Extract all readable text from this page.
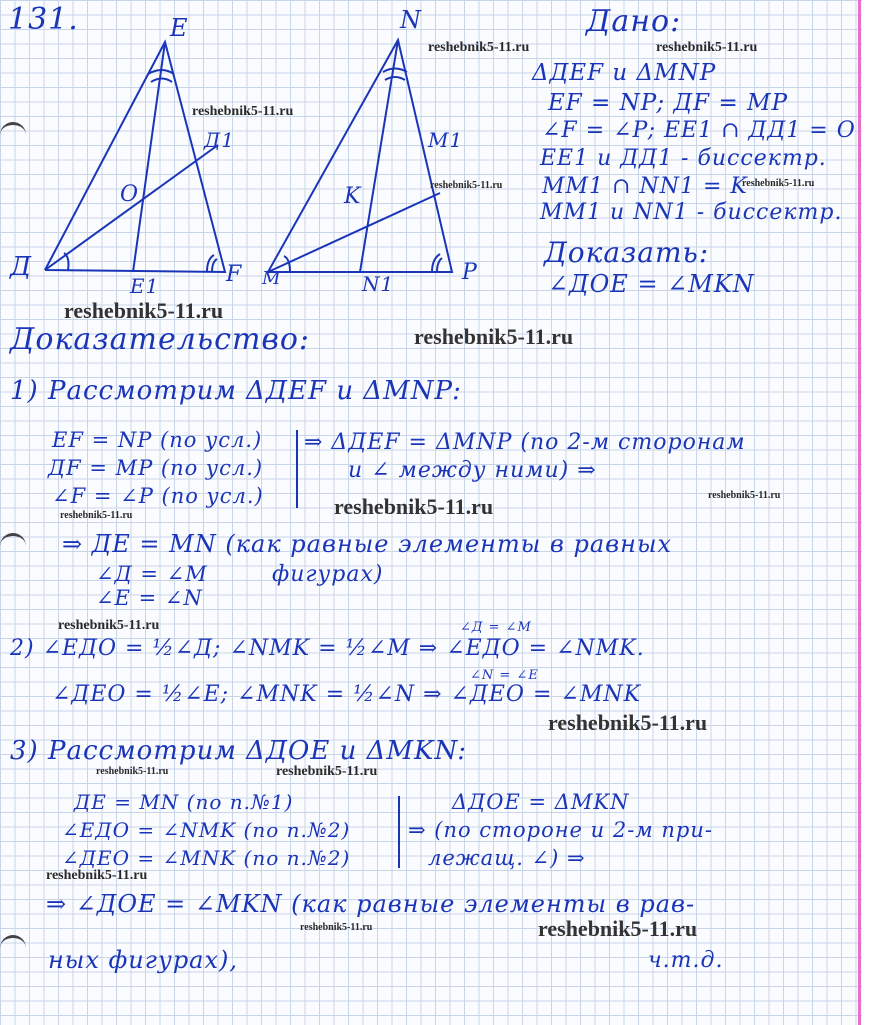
131.	E
Д1
O
Д
E1	F
N
M1
K
M	N1	P
Дано:
ΔДEF и ΔMNP
EF = NP; ДF = MP
∠F = ∠P; EE1 ∩ ДД1 = O
EE1 и ДД1 - биссектр.
MM1 ∩ NN1 = K
MM1 и NN1 - биссектр.
Доказать:
∠ДОE = ∠MKN
Доказательство:
1) Рассмотрим ΔДEF и ΔMNP:
EF = NP (по усл.)
ДF = MP (по усл.)
∠F = ∠P (по усл.)
⇒ ΔДEF = ΔMNP (по 2-м сторонам
и ∠ между ними) ⇒
⇒ ДE = MN (как равные элементы в равных
∠Д = ∠M
∠E = ∠N
фигурах)
∠Д = ∠M
2) ∠EДO = ½∠Д; ∠NMK = ½∠M ⇒ ∠EДO = ∠NMK.
∠N = ∠E
∠ДEO = ½∠E; ∠MNK = ½∠N ⇒ ∠ДEO = ∠MNK
3) Рассмотрим ΔДOE и ΔMKN:
ДE = MN (по п.№1)
∠EДO = ∠NMK (по п.№2)
∠ДEO = ∠MNK (по п.№2)
ΔДOE = ΔMKN
⇒ (по стороне и 2-м при-
лежащ. ∠) ⇒
⇒ ∠ДOE = ∠MKN (как равные элементы в рав-
ных фигурах),	ч.т.д.
reshebnik5-11.ru	reshebnik5-11.ru
reshebnik5-11.ru
reshebnik5-11.ru	reshebnik5-11.ru
reshebnik5-11.ru
reshebnik5-11.ru
reshebnik5-11.ru
reshebnik5-11.ru
reshebnik5-11.ru
reshebnik5-11.ru
reshebnik5-11.ru
reshebnik5-11.ru	reshebnik5-11.ru
reshebnik5-11.ru
reshebnik5-11.ru	reshebnik5-11.ru
